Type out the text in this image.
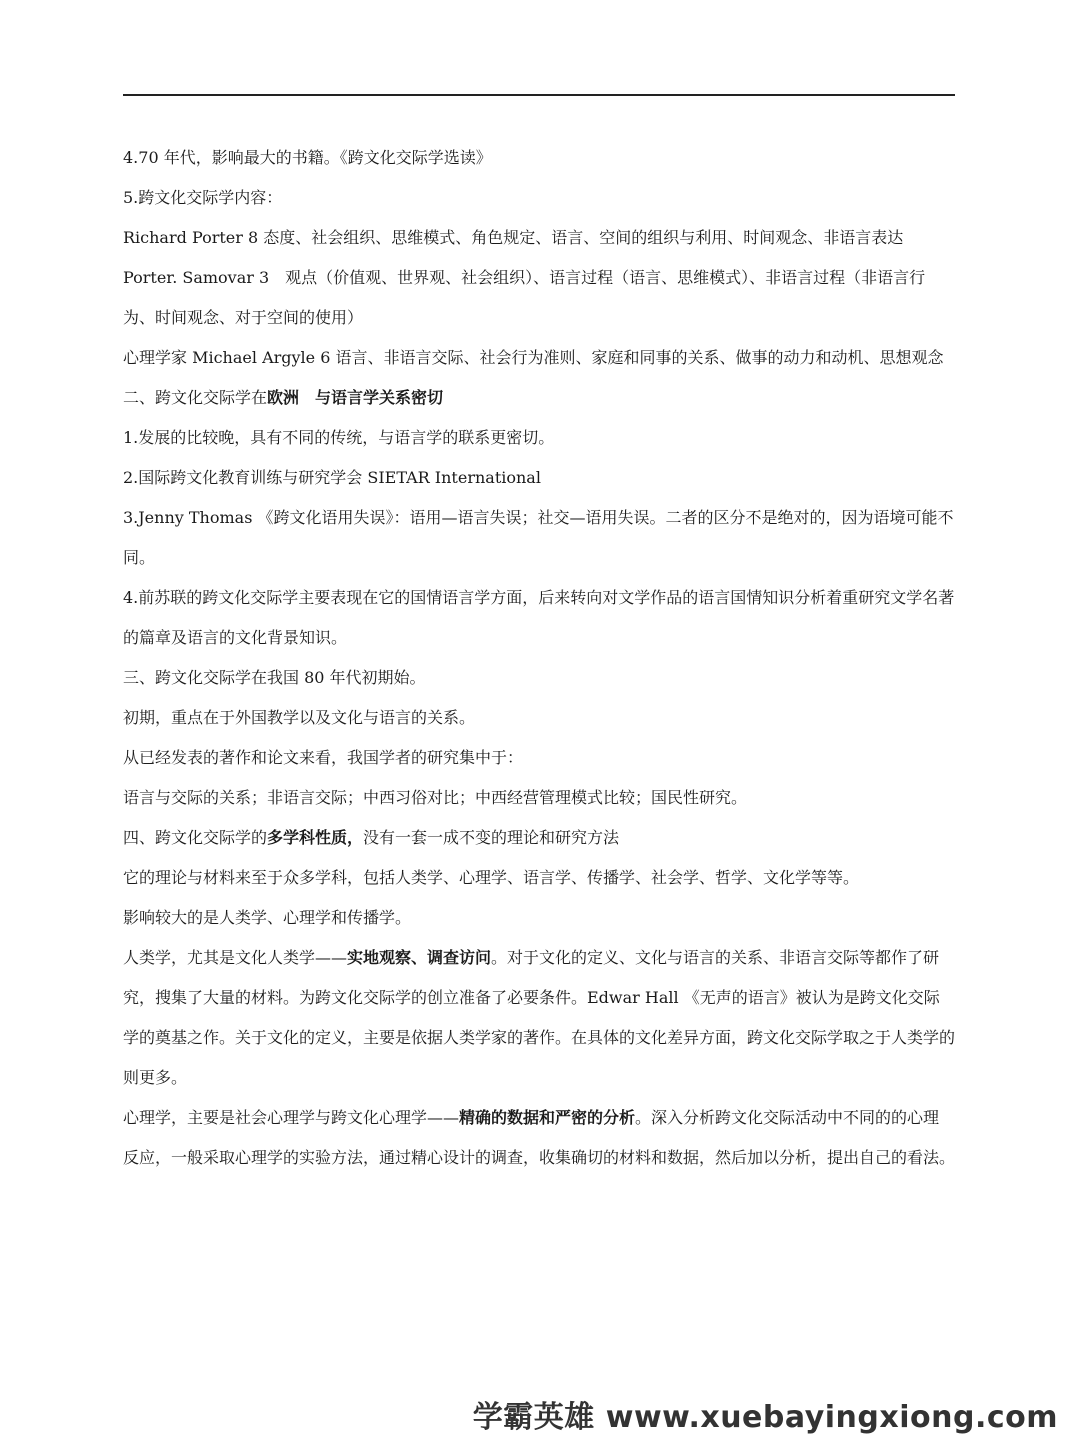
4.70 年代，影响最大的书籍。《跨文化交际学选读》

5.跨文化交际学内容：

Richard Porter 8 态度、社会组织、思维模式、角色规定、语言、空间的组织与利用、时间观念、非语言表达

Porter. Samovar 3　观点（价值观、世界观、社会组织）、语言过程（语言、思维模式）、非语言过程（非语言行为、时间观念、对于空间的使用）

心理学家 Michael Argyle 6 语言、非语言交际、社会行为准则、家庭和同事的关系、做事的动力和动机、思想观念

二、跨文化交际学在欧洲　与语言学关系密切

1.发展的比较晚，具有不同的传统，与语言学的联系更密切。

2.国际跨文化教育训练与研究学会 SIETAR International

3.Jenny Thomas 《跨文化语用失误》：语用—语言失误；社交—语用失误。二者的区分不是绝对的，因为语境可能不同。

4.前苏联的跨文化交际学主要表现在它的国情语言学方面，后来转向对文学作品的语言国情知识分析着重研究文学名著的篇章及语言的文化背景知识。

三、跨文化交际学在我国 80 年代初期始。

初期，重点在于外国教学以及文化与语言的关系。

从已经发表的著作和论文来看，我国学者的研究集中于：

语言与交际的关系；非语言交际；中西习俗对比；中西经营管理模式比较；国民性研究。

四、跨文化交际学的多学科性质，没有一套一成不变的理论和研究方法

它的理论与材料来至于众多学科，包括人类学、心理学、语言学、传播学、社会学、哲学、文化学等等。

影响较大的是人类学、心理学和传播学。

人类学，尤其是文化人类学——实地观察、调查访问。对于文化的定义、文化与语言的关系、非语言交际等都作了研究，搜集了大量的材料。为跨文化交际学的创立准备了必要条件。Edwar Hall 《无声的语言》被认为是跨文化交际学的奠基之作。关于文化的定义，主要是依据人类学家的著作。在具体的文化差异方面，跨文化交际学取之于人类学的则更多。

心理学，主要是社会心理学与跨文化心理学——精确的数据和严密的分析。深入分析跨文化交际活动中不同的的心理反应，一般采取心理学的实验方法，通过精心设计的调查，收集确切的材料和数据，然后加以分析，提出自己的看法。

学霸英雄 www.xuebayingxiong.com
